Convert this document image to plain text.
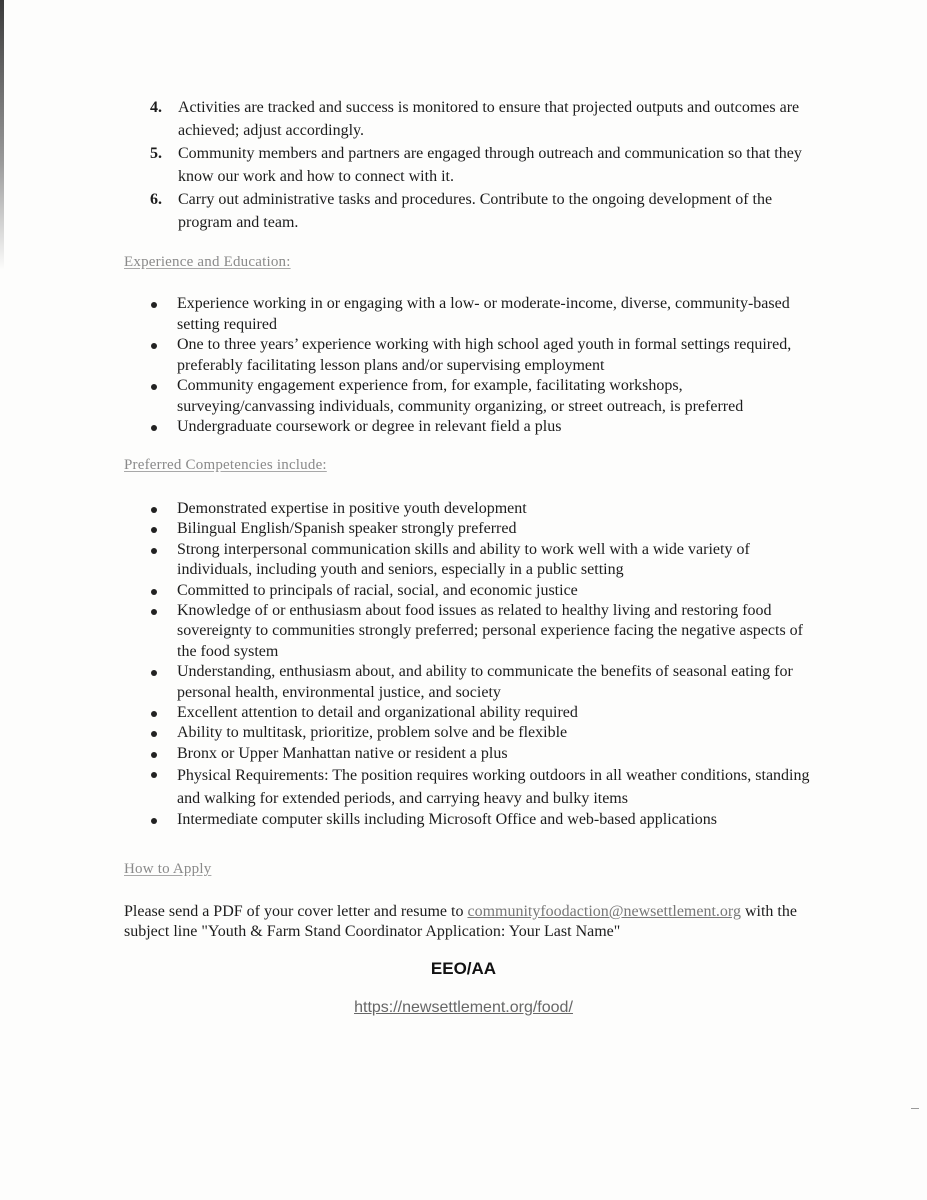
4. Activities are tracked and success is monitored to ensure that projected outputs and outcomes are achieved; adjust accordingly.
5. Community members and partners are engaged through outreach and communication so that they know our work and how to connect with it.
6. Carry out administrative tasks and procedures. Contribute to the ongoing development of the program and team.
Experience and Education:
Experience working in or engaging with a low- or moderate-income, diverse, community-based setting required
One to three years’ experience working with high school aged youth in formal settings required, preferably facilitating lesson plans and/or supervising employment
Community engagement experience from, for example, facilitating workshops, surveying/canvassing individuals, community organizing, or street outreach, is preferred
Undergraduate coursework or degree in relevant field a plus
Preferred Competencies include:
Demonstrated expertise in positive youth development
Bilingual English/Spanish speaker strongly preferred
Strong interpersonal communication skills and ability to work well with a wide variety of individuals, including youth and seniors, especially in a public setting
Committed to principals of racial, social, and economic justice
Knowledge of or enthusiasm about food issues as related to healthy living and restoring food sovereignty to communities strongly preferred; personal experience facing the negative aspects of the food system
Understanding, enthusiasm about, and ability to communicate the benefits of seasonal eating for personal health, environmental justice, and society
Excellent attention to detail and organizational ability required
Ability to multitask, prioritize, problem solve and be flexible
Bronx or Upper Manhattan native or resident a plus
Physical Requirements: The position requires working outdoors in all weather conditions, standing and walking for extended periods, and carrying heavy and bulky items
Intermediate computer skills including Microsoft Office and web-based applications
How to Apply
Please send a PDF of your cover letter and resume to communityfoodaction@newsettlement.org with the subject line "Youth & Farm Stand Coordinator Application: Your Last Name"
EEO/AA
https://newsettlement.org/food/
